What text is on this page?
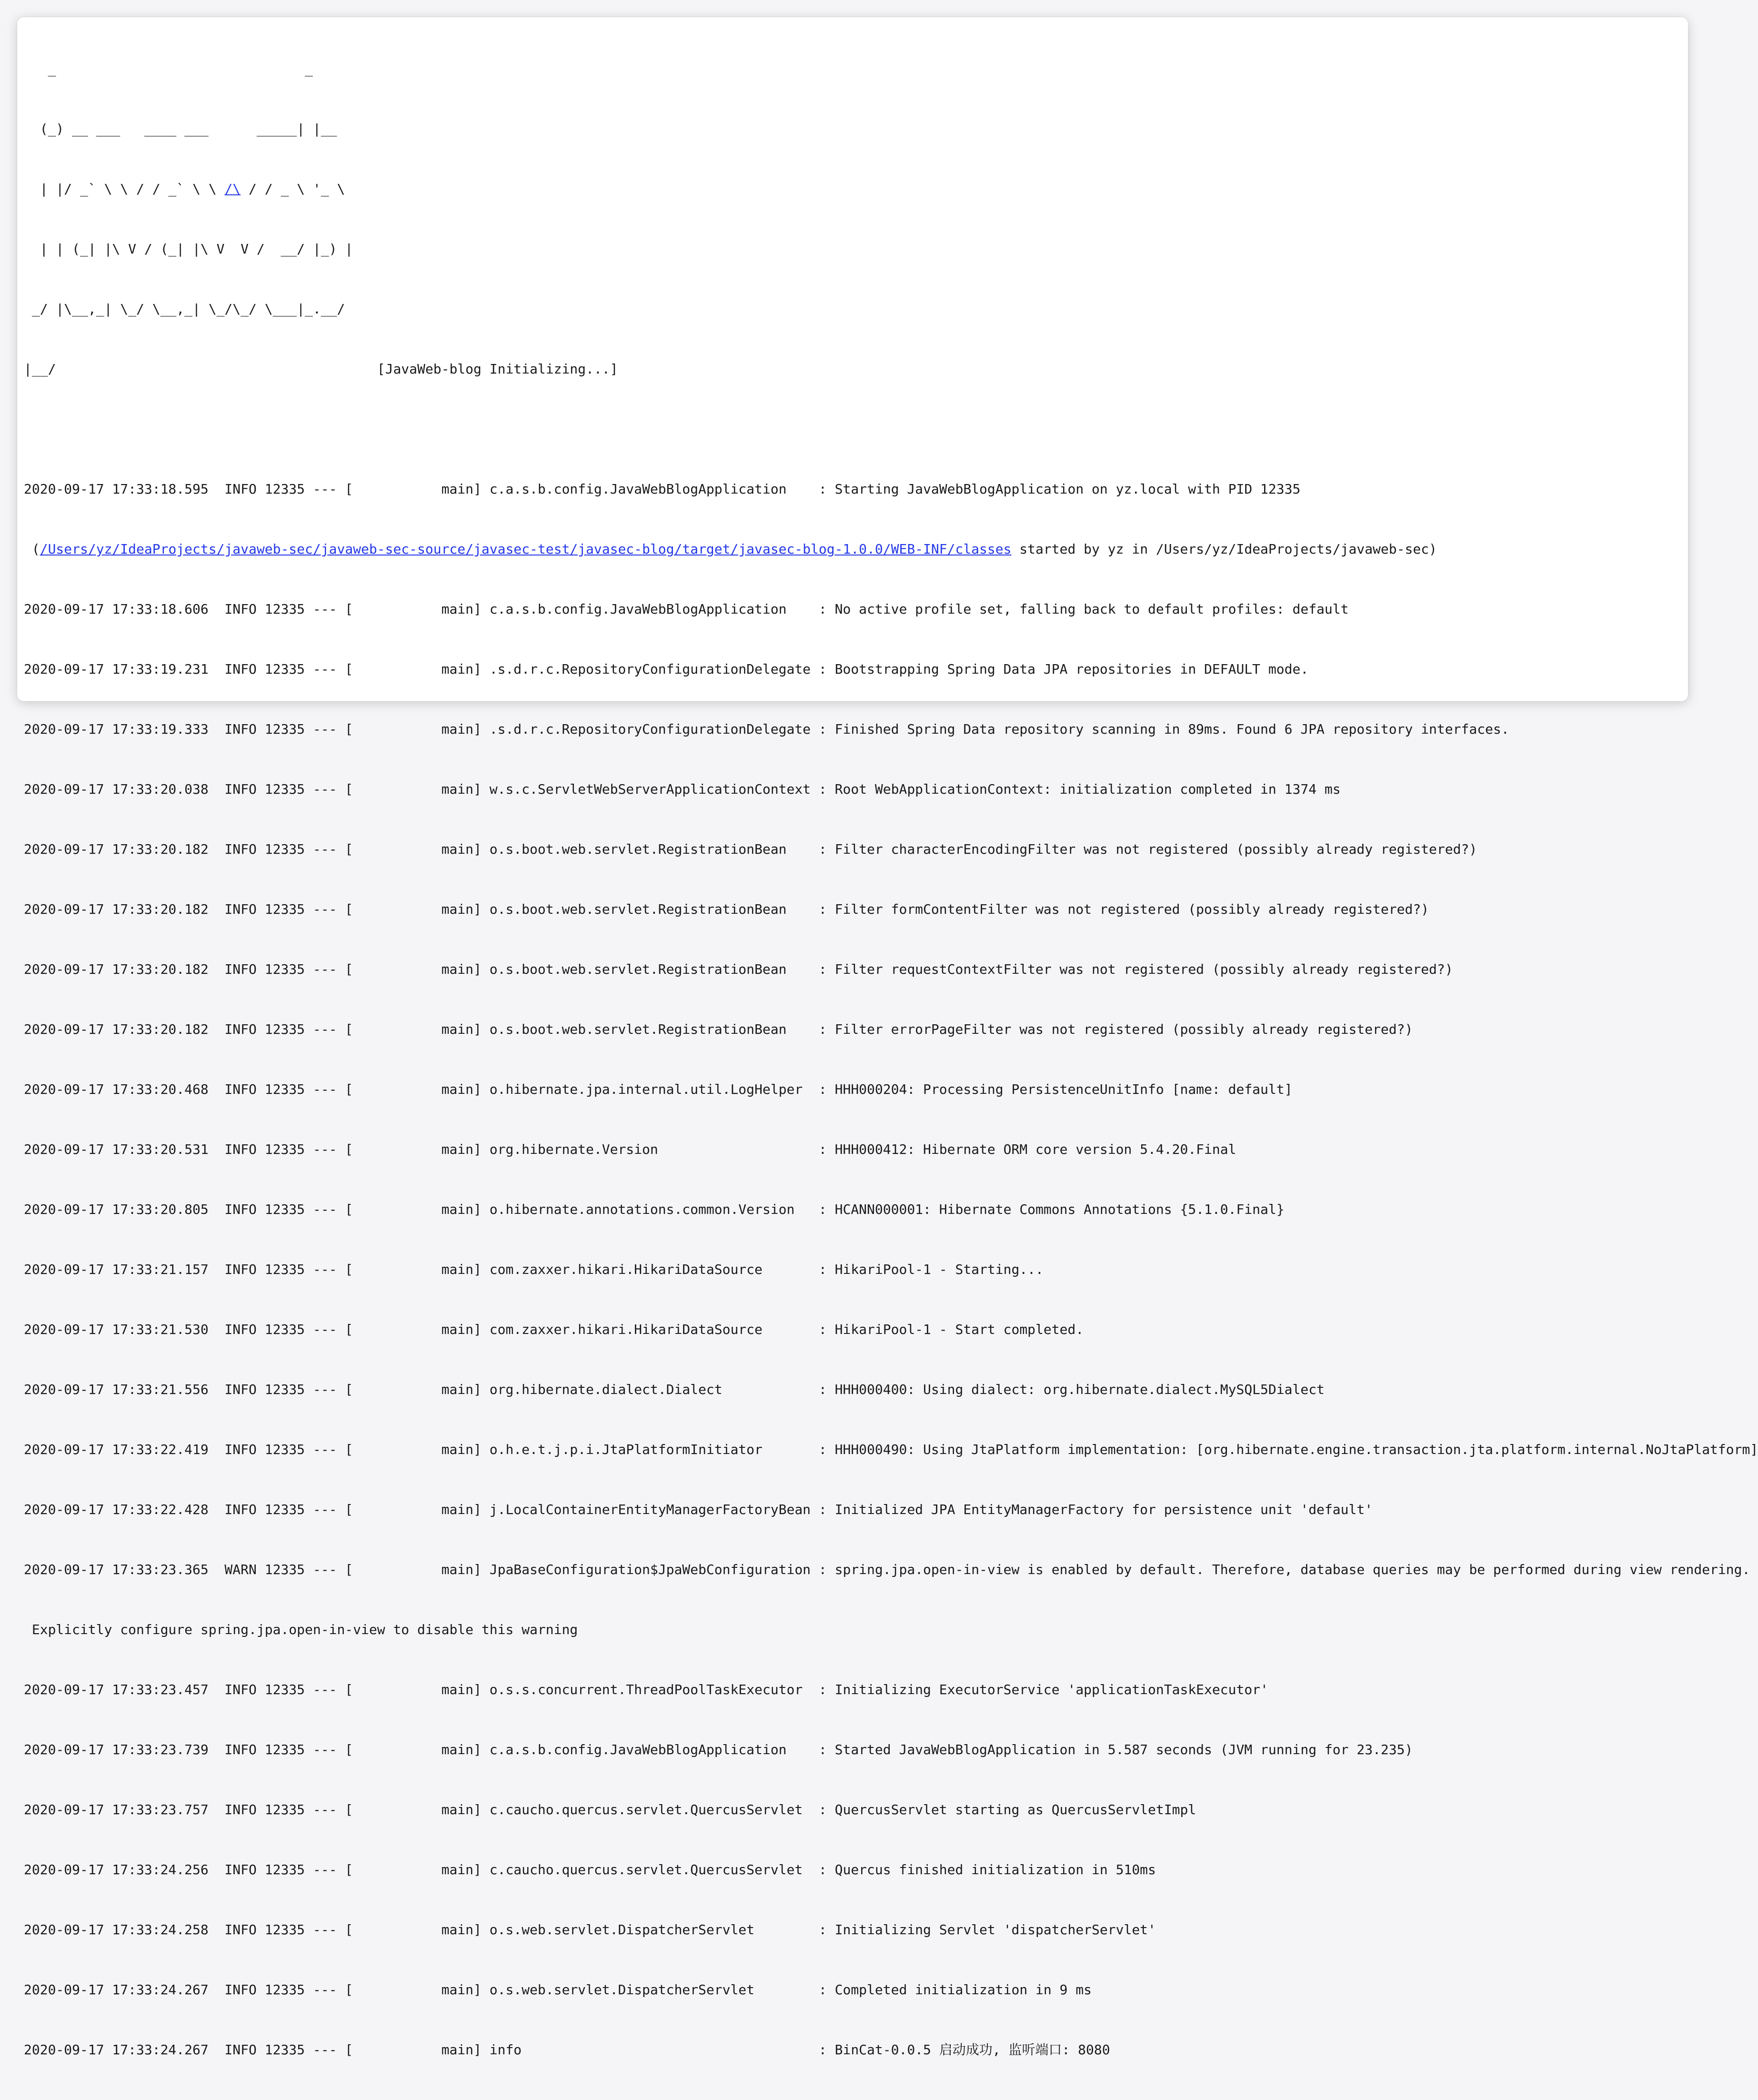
_                               _

(_) __ ___   ____ ___      _____| |__

| |/ _` \ \ / / _` \ \ /\ / / _ \ '_ \

| | (_| |\ V / (_| |\ V  V /  __/ |_) |

_/ |\__,_| \_/ \__,_| \_/\_/ \___|_.__/

|__/                                        [JavaWeb-blog Initializing...]

2020-09-17 17:33:18.595  INFO 12335 --- [           main] c.a.s.b.config.JavaWebBlogApplication    : Starting JavaWebBlogApplication on yz.local with PID 12335

(/Users/yz/IdeaProjects/javaweb-sec/javaweb-sec-source/javasec-test/javasec-blog/target/javasec-blog-1.0.0/WEB-INF/classes started by yz in /Users/yz/IdeaProjects/javaweb-sec)

2020-09-17 17:33:18.606  INFO 12335 --- [           main] c.a.s.b.config.JavaWebBlogApplication    : No active profile set, falling back to default profiles: default

2020-09-17 17:33:19.231  INFO 12335 --- [           main] .s.d.r.c.RepositoryConfigurationDelegate : Bootstrapping Spring Data JPA repositories in DEFAULT mode.

2020-09-17 17:33:19.333  INFO 12335 --- [           main] .s.d.r.c.RepositoryConfigurationDelegate : Finished Spring Data repository scanning in 89ms. Found 6 JPA repository interfaces.

2020-09-17 17:33:20.038  INFO 12335 --- [           main] w.s.c.ServletWebServerApplicationContext : Root WebApplicationContext: initialization completed in 1374 ms

2020-09-17 17:33:20.182  INFO 12335 --- [           main] o.s.boot.web.servlet.RegistrationBean    : Filter characterEncodingFilter was not registered (possibly already registered?)

2020-09-17 17:33:20.182  INFO 12335 --- [           main] o.s.boot.web.servlet.RegistrationBean    : Filter formContentFilter was not registered (possibly already registered?)

2020-09-17 17:33:20.182  INFO 12335 --- [           main] o.s.boot.web.servlet.RegistrationBean    : Filter requestContextFilter was not registered (possibly already registered?)

2020-09-17 17:33:20.182  INFO 12335 --- [           main] o.s.boot.web.servlet.RegistrationBean    : Filter errorPageFilter was not registered (possibly already registered?)

2020-09-17 17:33:20.468  INFO 12335 --- [           main] o.hibernate.jpa.internal.util.LogHelper  : HHH000204: Processing PersistenceUnitInfo [name: default]

2020-09-17 17:33:20.531  INFO 12335 --- [           main] org.hibernate.Version                    : HHH000412: Hibernate ORM core version 5.4.20.Final

2020-09-17 17:33:20.805  INFO 12335 --- [           main] o.hibernate.annotations.common.Version   : HCANN000001: Hibernate Commons Annotations {5.1.0.Final}

2020-09-17 17:33:21.157  INFO 12335 --- [           main] com.zaxxer.hikari.HikariDataSource       : HikariPool-1 - Starting...

2020-09-17 17:33:21.530  INFO 12335 --- [           main] com.zaxxer.hikari.HikariDataSource       : HikariPool-1 - Start completed.

2020-09-17 17:33:21.556  INFO 12335 --- [           main] org.hibernate.dialect.Dialect            : HHH000400: Using dialect: org.hibernate.dialect.MySQL5Dialect

2020-09-17 17:33:22.419  INFO 12335 --- [           main] o.h.e.t.j.p.i.JtaPlatformInitiator       : HHH000490: Using JtaPlatform implementation: [org.hibernate.engine.transaction.jta.platform.internal.NoJtaPlatform]

2020-09-17 17:33:22.428  INFO 12335 --- [           main] j.LocalContainerEntityManagerFactoryBean : Initialized JPA EntityManagerFactory for persistence unit 'default'

2020-09-17 17:33:23.365  WARN 12335 --- [           main] JpaBaseConfiguration$JpaWebConfiguration : spring.jpa.open-in-view is enabled by default. Therefore, database queries may be performed during view rendering.

Explicitly configure spring.jpa.open-in-view to disable this warning

2020-09-17 17:33:23.457  INFO 12335 --- [           main] o.s.s.concurrent.ThreadPoolTaskExecutor  : Initializing ExecutorService 'applicationTaskExecutor'

2020-09-17 17:33:23.739  INFO 12335 --- [           main] c.a.s.b.config.JavaWebBlogApplication    : Started JavaWebBlogApplication in 5.587 seconds (JVM running for 23.235)

2020-09-17 17:33:23.757  INFO 12335 --- [           main] c.caucho.quercus.servlet.QuercusServlet  : QuercusServlet starting as QuercusServletImpl

2020-09-17 17:33:24.256  INFO 12335 --- [           main] c.caucho.quercus.servlet.QuercusServlet  : Quercus finished initialization in 510ms

2020-09-17 17:33:24.258  INFO 12335 --- [           main] o.s.web.servlet.DispatcherServlet        : Initializing Servlet 'dispatcherServlet'

2020-09-17 17:33:24.267  INFO 12335 --- [           main] o.s.web.servlet.DispatcherServlet        : Completed initialization in 9 ms

2020-09-17 17:33:24.267  INFO 12335 --- [           main] info                                     : BinCat-0.0.5 启动成功, 监听端口: 8080
